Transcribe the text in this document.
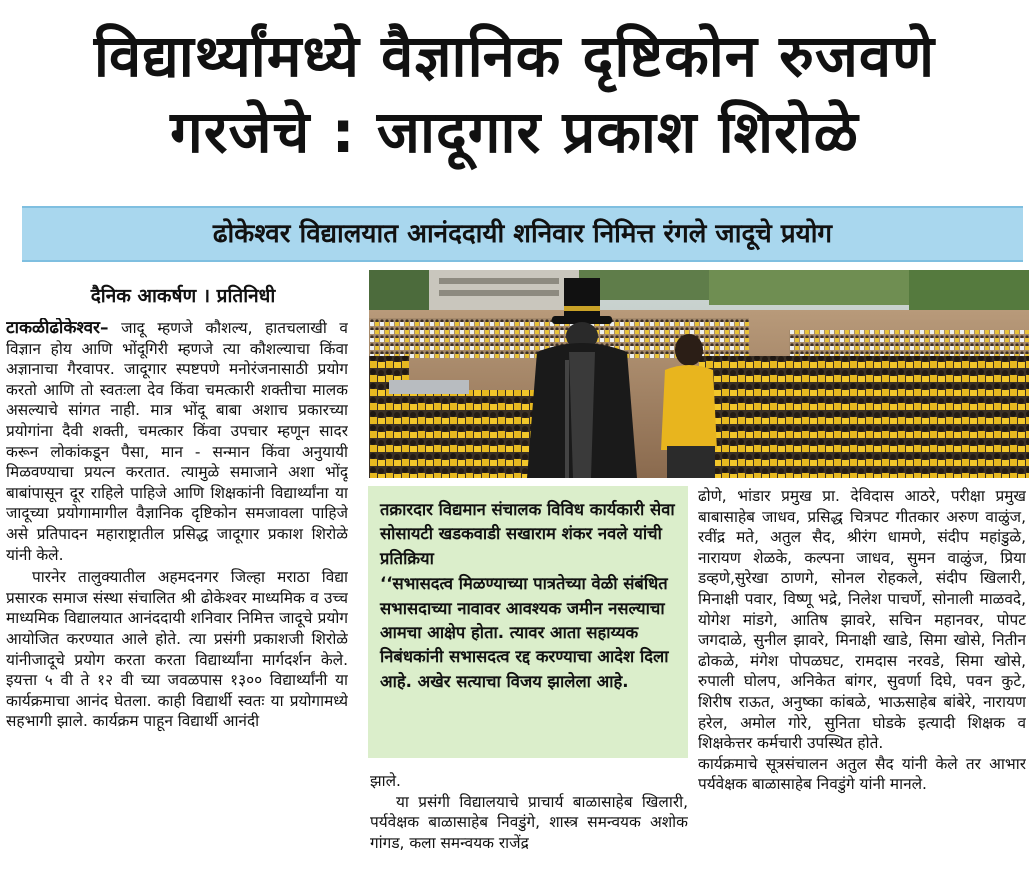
विद्यार्थ्यांमध्ये वैज्ञानिक दृष्टिकोन रुजवणे
गरजेचे : जादूगार प्रकाश शिरोळे
ढोकेश्वर विद्यालयात आनंददायी शनिवार निमित्त रंगले जादूचे प्रयोग
दैनिक आकर्षण । प्रतिनिधी

टाकळीढोकेश्वर– जादू म्हणजे कौशल्य, हातचलाखी व विज्ञान होय आणि भोंदूगिरी म्हणजे त्या कौशल्याचा किंवा अज्ञानाचा गैरवापर. जादूगार स्पष्टपणे मनोरंजनासाठी प्रयोग करतो आणि तो स्वतःला देव किंवा चमत्कारी शक्तीचा मालक असल्याचे सांगत नाही. मात्र भोंदू बाबा अशाच प्रकारच्या प्रयोगांना दैवी शक्ती, चमत्कार किंवा उपचार म्हणून सादर करून लोकांकडून पैसा, मान - सन्मान किंवा अनुयायी मिळवण्याचा प्रयत्न करतात. त्यामुळे समाजाने अशा भोंदू बाबांपासून दूर राहिले पाहिजे आणि शिक्षकांनी विद्यार्थ्यांना या जादूच्या प्रयोगामागील वैज्ञानिक दृष्टिकोन समजावला पाहिजे असे प्रतिपादन महाराष्ट्रातील प्रसिद्ध जादूगार प्रकाश शिरोळे यांनी केले.

पारनेर तालुक्यातील अहमदनगर जिल्हा मराठा विद्या प्रसारक समाज संस्था संचालित श्री ढोकेश्वर माध्यमिक व उच्च माध्यमिक विद्यालयात आनंददायी शनिवार निमित्त जादूचे प्रयोग आयोजित करण्यात आले होते. त्या प्रसंगी प्रकाशजी शिरोळे यांनीजादूचे प्रयोग करता करता विद्यार्थ्यांना मार्गदर्शन केले. इयत्ता ५ वी ते १२ वी च्या जवळपास १३०० विद्यार्थ्यांनी या कार्यक्रमाचा आनंद घेतला. काही विद्यार्थी स्वतः या प्रयोगामध्ये सहभागी झाले. कार्यक्रम पाहून विद्यार्थी आनंदी

तक्रारदार विद्यमान संचालक विविध कार्यकारी सेवा सोसायटी खडकवाडी सखाराम शंकर नवले यांची प्रतिक्रिया

‘‘सभासदत्व मिळण्याच्या पात्रतेच्या वेळी संबंधित सभासदाच्या नावावर आवश्यक जमीन नसल्याचा आमचा आक्षेप होता. त्यावर आता सहाय्यक निबंधकांनी सभासदत्व रद्द करण्याचा आदेश दिला आहे. अखेर सत्याचा विजय झालेला आहे.

झाले.

या प्रसंगी विद्यालयाचे प्राचार्य बाळासाहेब खिलारी, पर्यवेक्षक बाळासाहेब निवडुंगे, शास्त्र समन्वयक अशोक गांगड, कला समन्वयक राजेंद्र

ढोणे, भांडार प्रमुख प्रा. देविदास आठरे, परीक्षा प्रमुख बाबासाहेब जाधव, प्रसिद्ध चित्रपट गीतकार अरुण वाळुंज, रवींद्र मते, अतुल सैद, श्रीरंग धामणे, संदीप महांडुळे, नारायण शेळके, कल्पना जाधव, सुमन वाळुंज, प्रिया डव्हणे,सुरेखा ठाणगे, सोनल रोहकले, संदीप खिलारी, मिनाक्षी पवार, विष्णू भद्रे, निलेश पाचर्णे, सोनाली माळवदे, योगेश मांडगे, आतिष झावरे, सचिन महानवर, पोपट जगदाळे, सुनील झावरे, मिनाक्षी खाडे, सिमा खोसे, नितीन ढोकळे, मंगेश पोपळघट, रामदास नरवडे, सिमा खोसे, रुपाली घोलप, अनिकेत बांगर, सुवर्णा दिघे, पवन कुटे, शिरीष राऊत, अनुष्का कांबळे, भाऊसाहेब बांबेरे, नारायण हरेल, अमोल गोरे, सुनिता घोडके इत्यादी शिक्षक व शिक्षकेत्तर कर्मचारी उपस्थित होते.

कार्यक्रमाचे सूत्रसंचालन अतुल सैद यांनी केले तर आभार पर्यवेक्षक बाळासाहेब निवडुंगे यांनी मानले.
